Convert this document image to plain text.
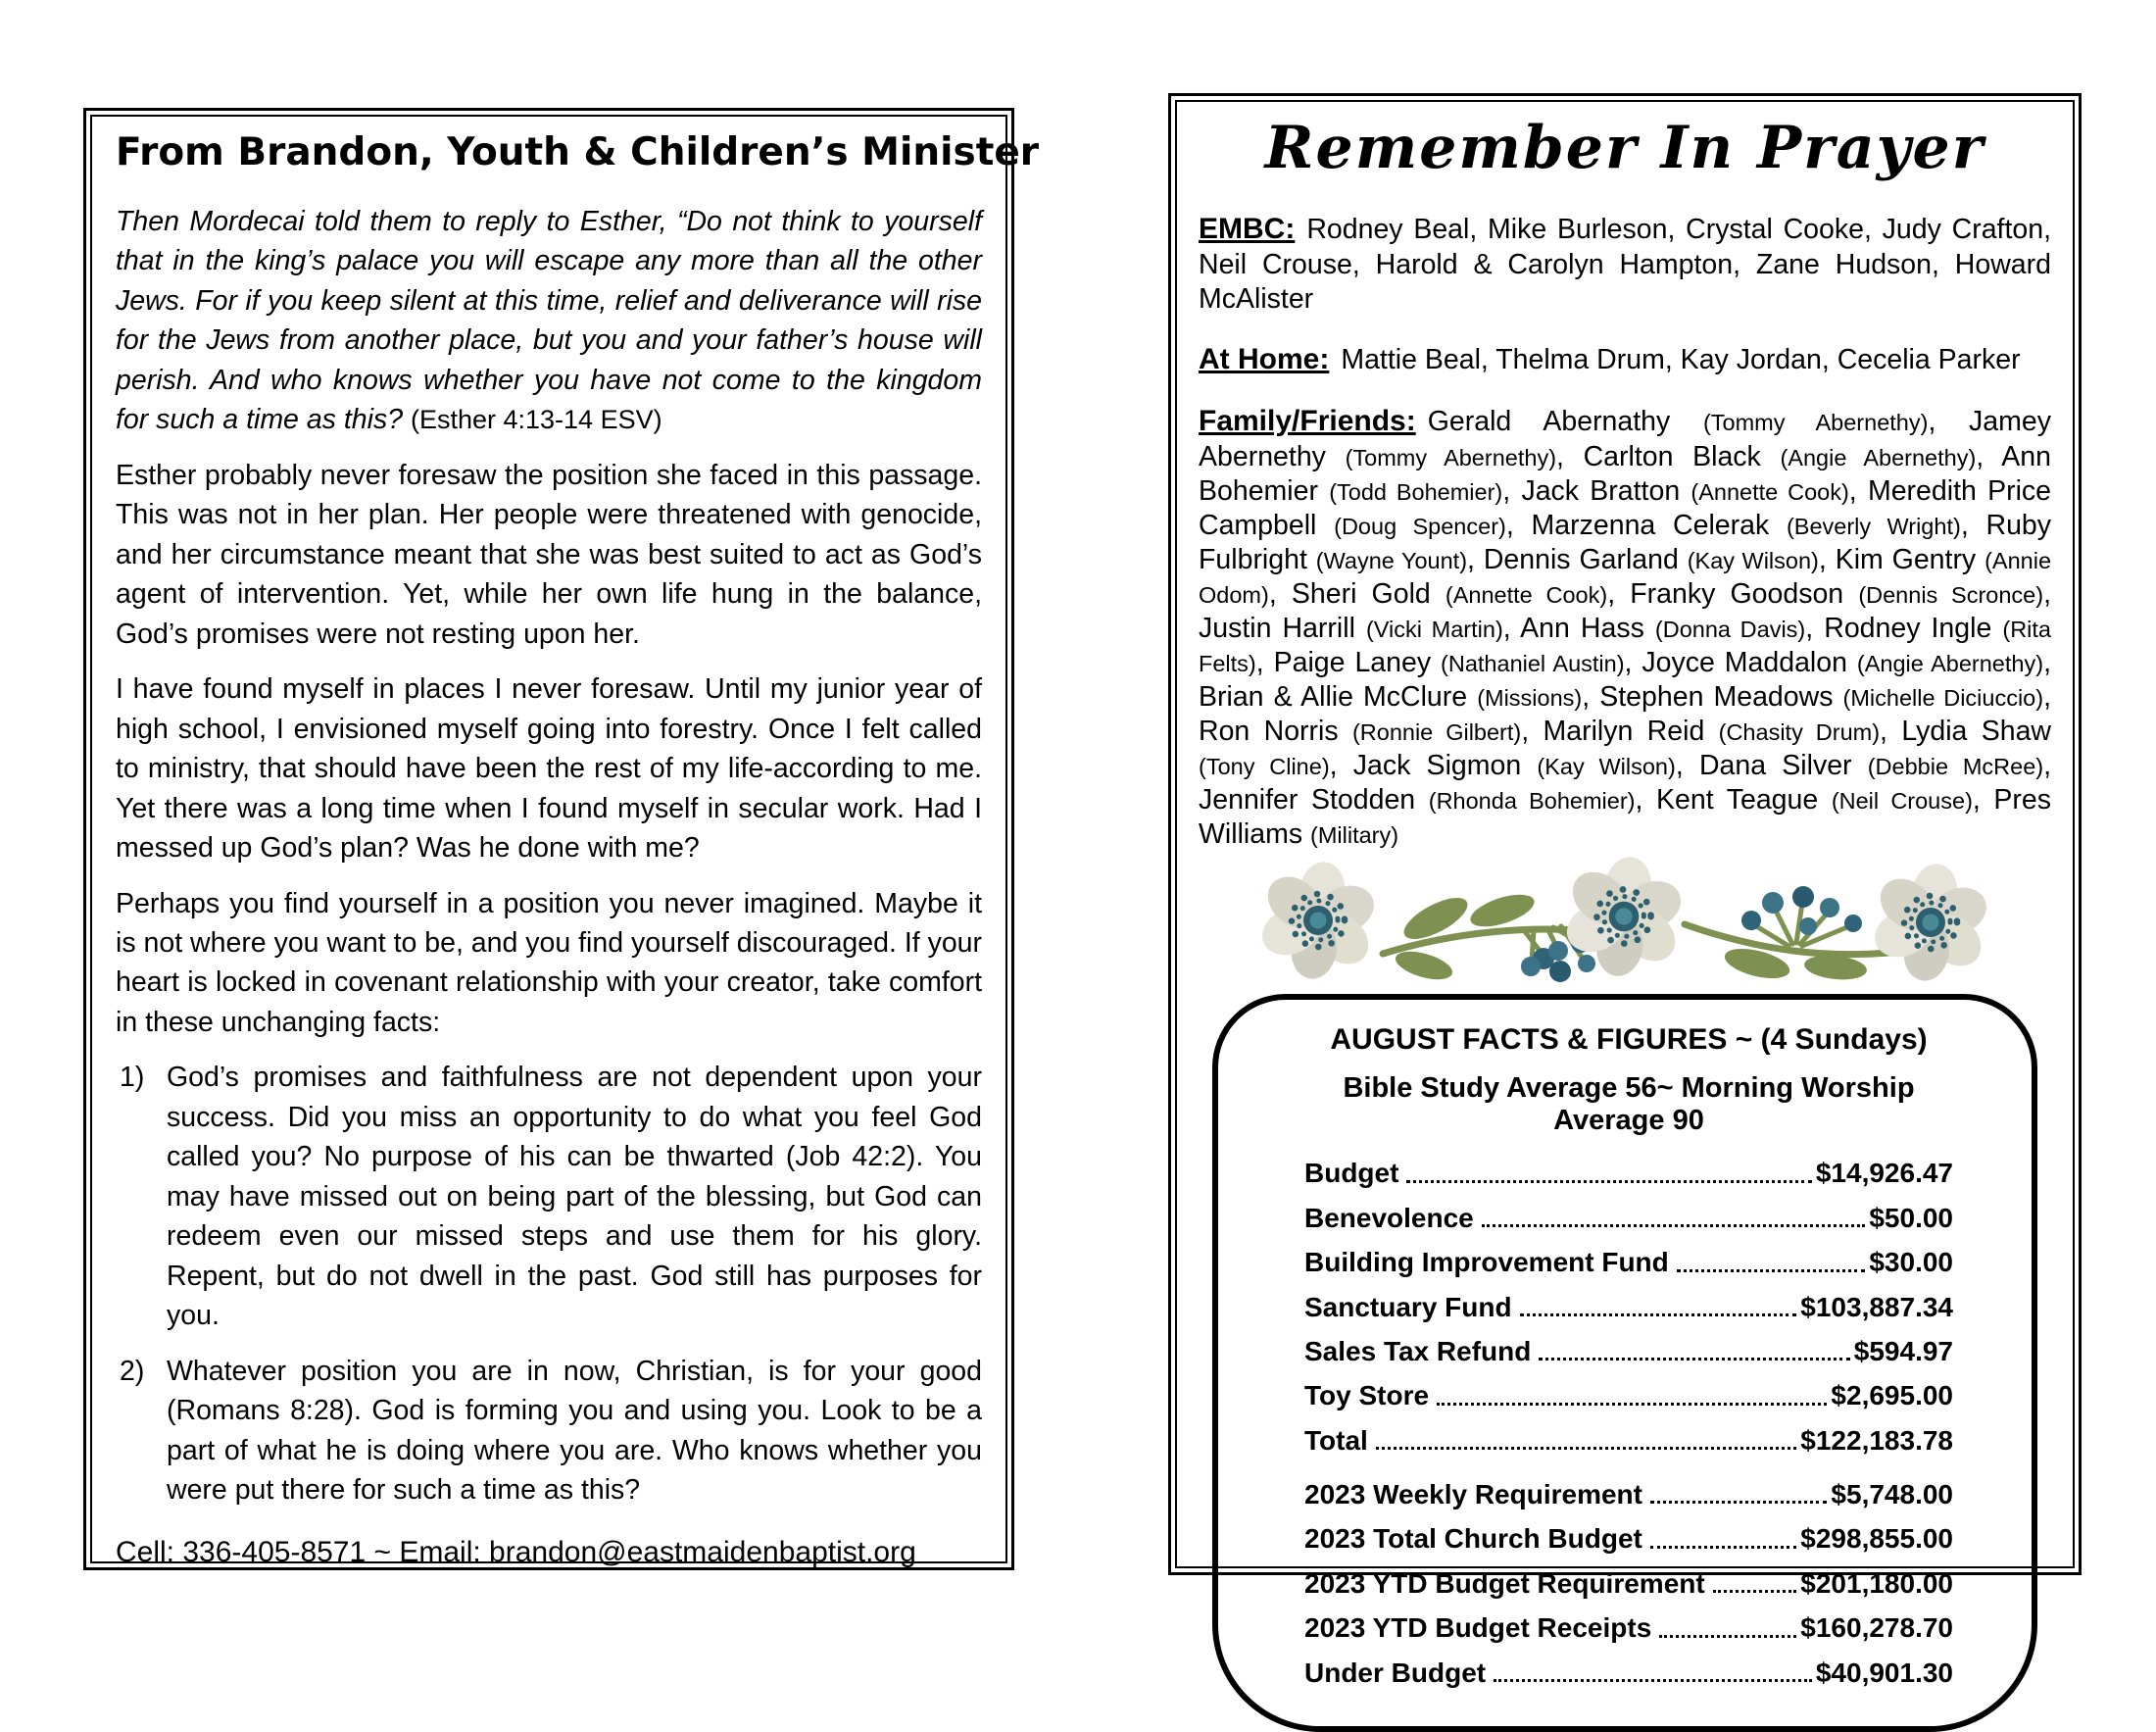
From Brandon, Youth & Children’s Minister

Then Mordecai told them to reply to Esther, “Do not think to yourself that in the king’s palace you will escape any more than all the other Jews. For if you keep silent at this time, relief and deliverance will rise for the Jews from another place, but you and your father’s house will perish. And who knows whether you have not come to the kingdom for such a time as this? (Esther 4:13-14 ESV)

Esther probably never foresaw the position she faced in this passage. This was not in her plan. Her people were threatened with genocide, and her circumstance meant that she was best suited to act as God’s agent of intervention. Yet, while her own life hung in the balance, God’s promises were not resting upon her.

I have found myself in places I never foresaw. Until my junior year of high school, I envisioned myself going into forestry. Once I felt called to ministry, that should have been the rest of my life-according to me. Yet there was a long time when I found myself in secular work. Had I messed up God’s plan? Was he done with me?

Perhaps you find yourself in a position you never imagined. Maybe it is not where you want to be, and you find yourself discouraged. If your heart is locked in covenant relationship with your creator, take comfort in these unchanging facts:

1) God’s promises and faithfulness are not dependent upon your success. Did you miss an opportunity to do what you feel God called you? No purpose of his can be thwarted (Job 42:2). You may have missed out on being part of the blessing, but God can redeem even our missed steps and use them for his glory. Repent, but do not dwell in the past. God still has purposes for you.
2) Whatever position you are in now, Christian, is for your good (Romans 8:28). God is forming you and using you. Look to be a part of what he is doing where you are. Who knows whether you were put there for such a time as this?

Cell: 336-405-8571 ~ Email: brandon@eastmaidenbaptist.org

Remember In Prayer

EMBC: Rodney Beal, Mike Burleson, Crystal Cooke, Judy Crafton, Neil Crouse, Harold & Carolyn Hampton, Zane Hudson, Howard McAlister

At Home: Mattie Beal, Thelma Drum, Kay Jordan, Cecelia Parker

Family/Friends: Gerald Abernathy (Tommy Abernethy), Jamey Abernethy (Tommy Abernethy), Carlton Black (Angie Abernethy), Ann Bohemier (Todd Bohemier), Jack Bratton (Annette Cook), Meredith Price Campbell (Doug Spencer), Marzenna Celerak (Beverly Wright), Ruby Fulbright (Wayne Yount), Dennis Garland (Kay Wilson), Kim Gentry (Annie Odom), Sheri Gold (Annette Cook), Franky Goodson (Dennis Scronce), Justin Harrill (Vicki Martin), Ann Hass (Donna Davis), Rodney Ingle (Rita Felts), Paige Laney (Nathaniel Austin), Joyce Maddalon (Angie Abernethy), Brian & Allie McClure (Missions), Stephen Meadows (Michelle Diciuccio), Ron Norris (Ronnie Gilbert), Marilyn Reid (Chasity Drum), Lydia Shaw (Tony Cline), Jack Sigmon (Kay Wilson), Dana Silver (Debbie McRee), Jennifer Stodden (Rhonda Bohemier), Kent Teague (Neil Crouse), Pres Williams (Military)

AUGUST FACTS & FIGURES ~ (4 Sundays)
Bible Study Average 56~ Morning Worship Average 90
Budget	$14,926.47
Benevolence	$50.00
Building Improvement Fund	$30.00
Sanctuary Fund	$103,887.34
Sales Tax Refund	$594.97
Toy Store	$2,695.00
Total	$122,183.78
2023 Weekly Requirement	$5,748.00
2023 Total Church Budget	$298,855.00
2023 YTD Budget Requirement	$201,180.00
2023 YTD Budget Receipts	$160,278.70
Under Budget	$40,901.30
